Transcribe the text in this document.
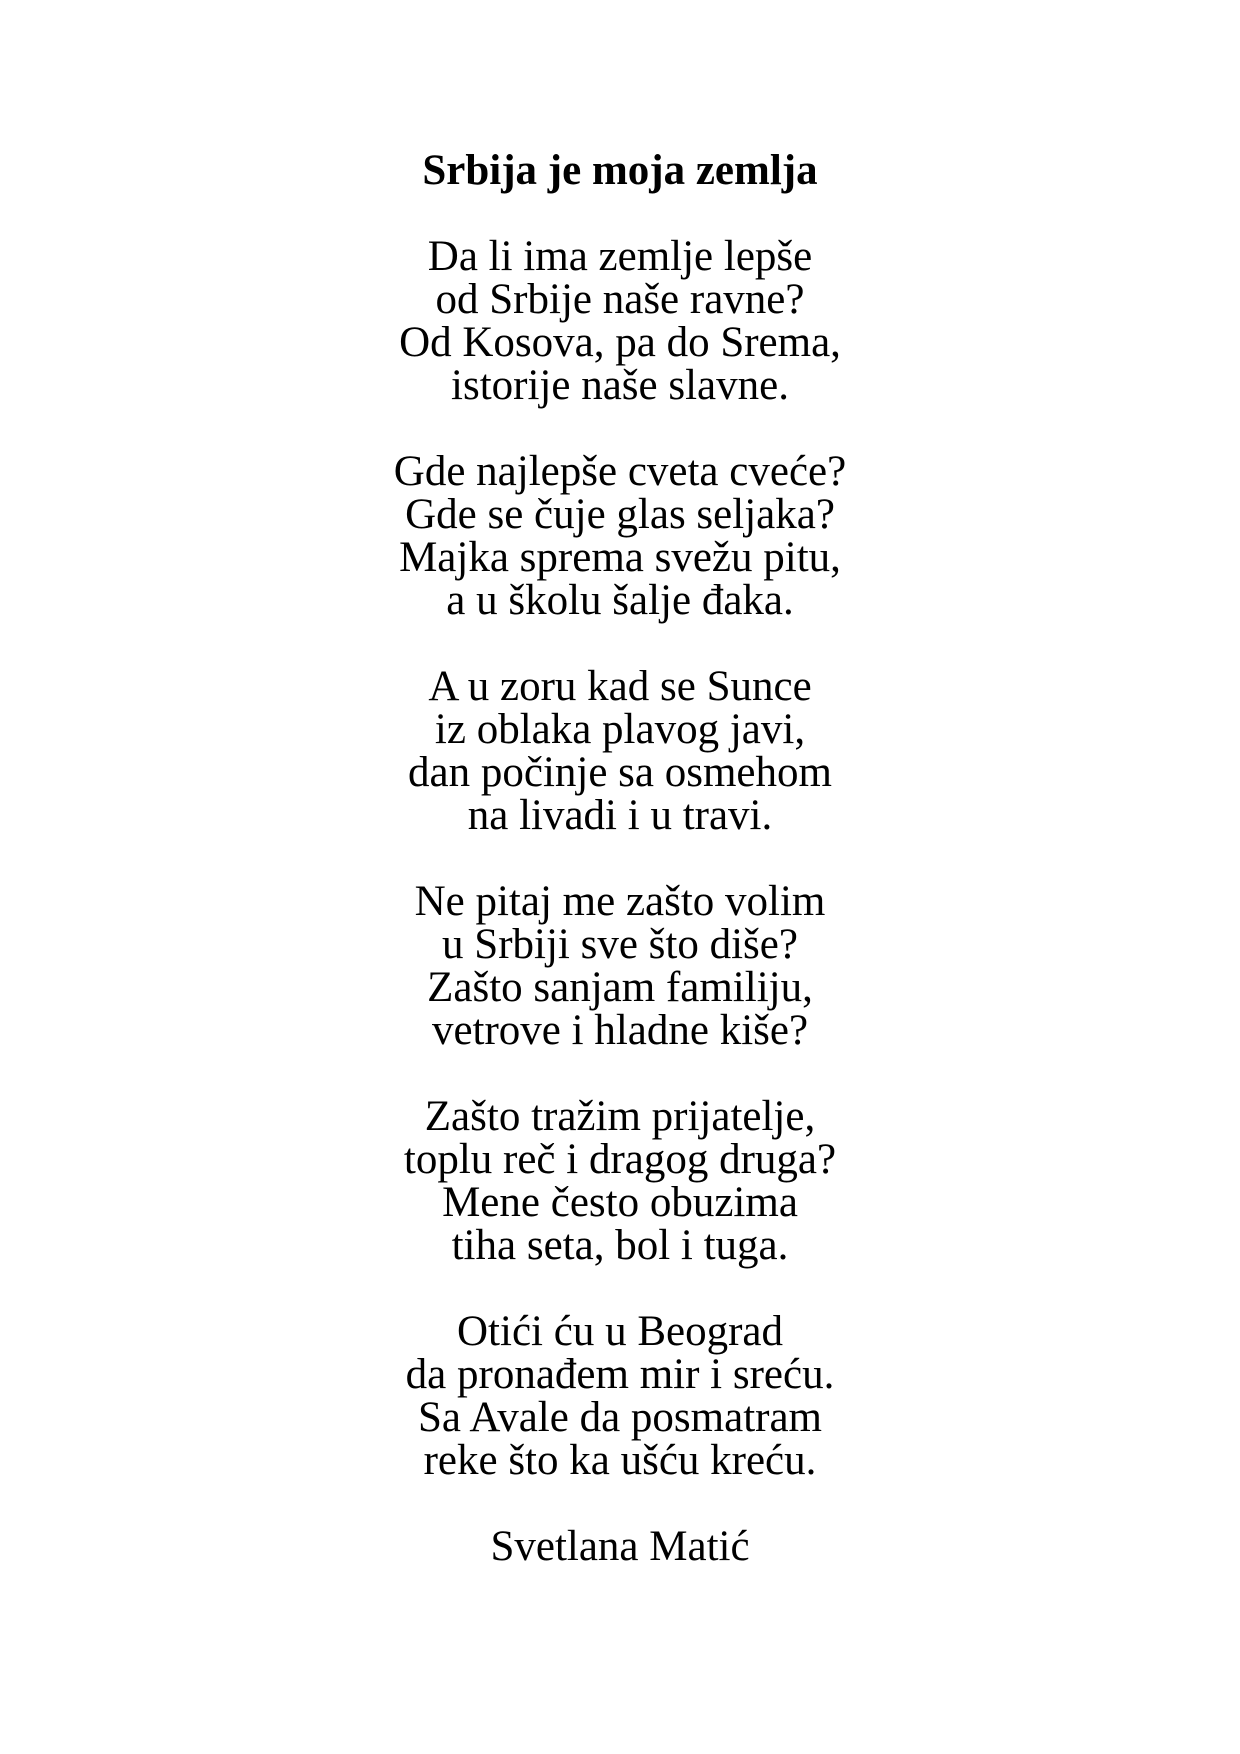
Srbija je moja zemlja
Da li ima zemlje lepše
od Srbije naše ravne?
Od Kosova, pa do Srema,
istorije naše slavne.
Gde najlepše cveta cveće?
Gde se čuje glas seljaka?
Majka sprema svežu pitu,
a u školu šalje đaka.
A u zoru kad se Sunce
iz oblaka plavog javi,
dan počinje sa osmehom
na livadi i u travi.
Ne pitaj me zašto volim
u Srbiji sve što diše?
Zašto sanjam familiju,
vetrove i hladne kiše?
Zašto tražim prijatelje,
toplu reč i dragog druga?
Mene često obuzima
tiha seta, bol i tuga.
Otići ću u Beograd
da pronađem mir i sreću.
Sa Avale da posmatram
reke što ka ušću kreću.

Svetlana Matić
